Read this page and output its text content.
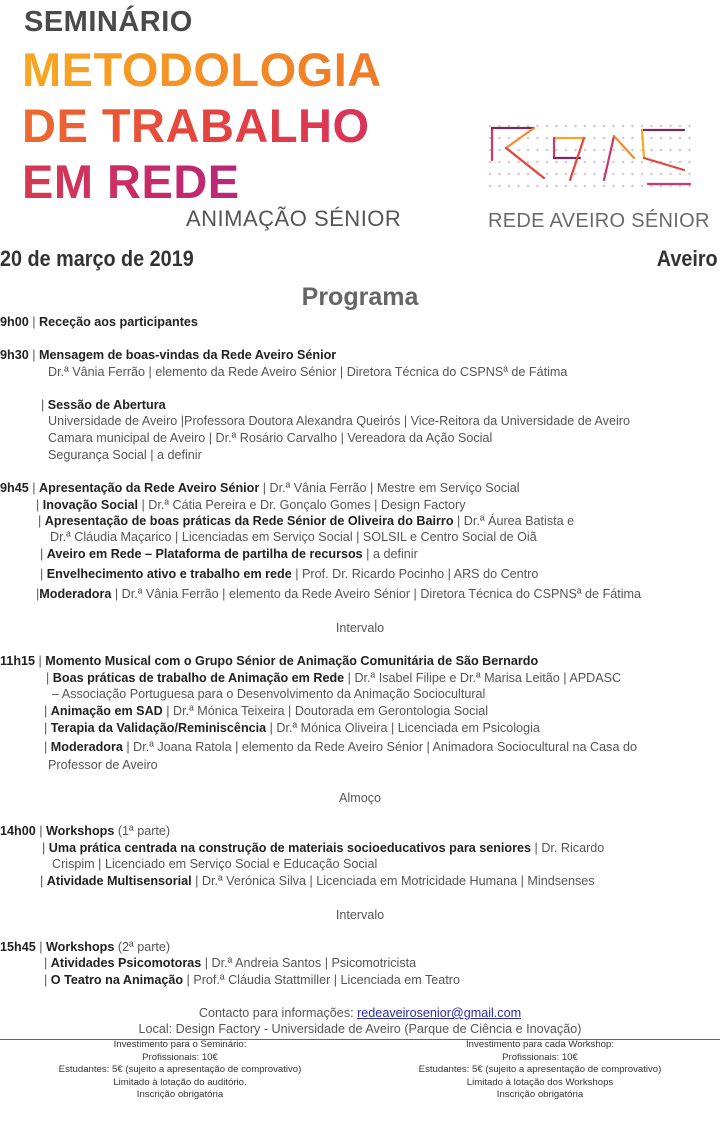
SEMINÁRIO
METODOLOGIA
DE TRABALHO
EM REDE
ANIMAÇÃO SÉNIOR	REDE AVEIRO SÉNIOR
20 de março de 2019	Aveiro
Programa
9h00 | Receção aos participantes
9h30 | Mensagem de boas-vindas da Rede Aveiro Sénior
Dr.ª Vânia Ferrão | elemento da Rede Aveiro Sénior | Diretora Técnica do CSPNSª de Fátima
| Sessão de Abertura
Universidade de Aveiro |Professora Doutora Alexandra Queirós | Vice-Reitora da Universidade de Aveiro
Camara municipal de Aveiro | Dr.ª Rosário Carvalho | Vereadora da Ação Social
Segurança Social | a definir
9h45 | Apresentação da Rede Aveiro Sénior | Dr.ª Vânia Ferrão | Mestre em Serviço Social
| Inovação Social | Dr.ª Cátia Pereira e Dr. Gonçalo Gomes | Design Factory
| Apresentação de boas práticas da Rede Sénior de Oliveira do Bairro | Dr.ª Áurea Batista e
Dr.ª Cláudia Maçarico | Licenciadas em Serviço Social | SOLSIL e Centro Social de Oiã
| Aveiro em Rede – Plataforma de partilha de recursos | a definir
| Envelhecimento ativo e trabalho em rede | Prof. Dr. Ricardo Pocinho | ARS do Centro
|Moderadora | Dr.ª Vânia Ferrão | elemento da Rede Aveiro Sénior | Diretora Técnica do CSPNSª de Fátima
Intervalo
11h15 | Momento Musical com o Grupo Sénior de Animação Comunitária de São Bernardo
| Boas práticas de trabalho de Animação em Rede | Dr.ª Isabel Filipe e Dr.ª Marisa Leitão | APDASC
– Associação Portuguesa para o Desenvolvimento da Animação Sociocultural
| Animação em SAD | Dr.ª Mónica Teixeira | Doutorada em Gerontologia Social
| Terapia da Validação/Reminiscência | Dr.ª Mónica Oliveira | Licenciada em Psicologia
| Moderadora | Dr.ª Joana Ratola | elemento da Rede Aveiro Sénior | Animadora Sociocultural na Casa do
Professor de Aveiro
Almoço
14h00 | Workshops (1ª parte)
| Uma prática centrada na construção de materiais socioeducativos para seniores | Dr. Ricardo
Crispim | Licenciado em Serviço Social e Educação Social
| Atividade Multisensorial | Dr.ª Verónica Silva | Licenciada em Motricidade Humana | Mindsenses
Intervalo
15h45 | Workshops (2ª parte)
| Atividades Psicomotoras | Dr.ª Andreia Santos | Psicomotricista
| O Teatro na Animação | Prof.ª Cláudia Stattmiller | Licenciada em Teatro
Contacto para informações: redeaveirosenior@gmail.com
Local: Design Factory - Universidade de Aveiro (Parque de Ciência e Inovação)
Investimento para o Seminário:
Profissionais: 10€
Estudantes: 5€ (sujeito a apresentação de comprovativo)
Limitado à lotação do auditório.
Inscrição obrigatória
Investimento para cada Workshop:
Profissionais: 10€
Estudantes: 5€ (sujeito a apresentação de comprovativo)
Limitado à lotação dos Workshops
Inscrição obrigatória
